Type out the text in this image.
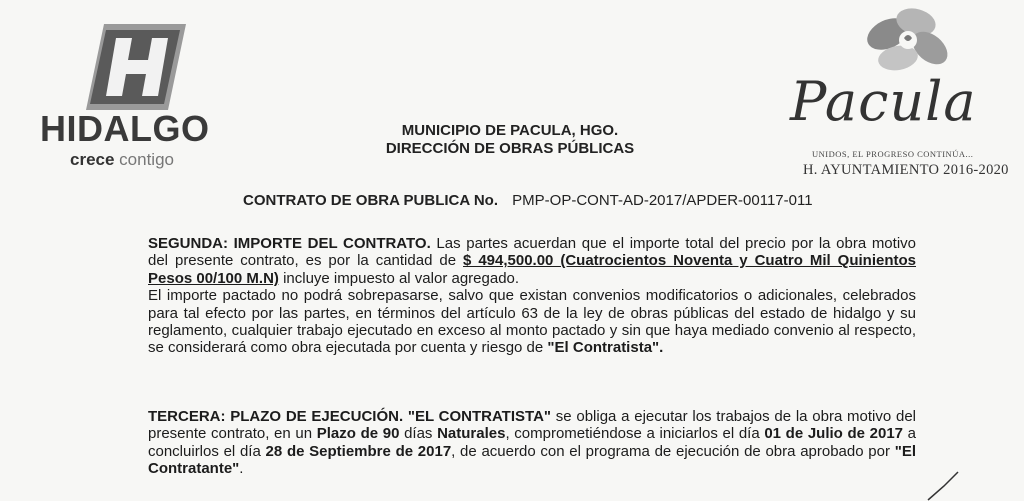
HIDALGO
crece contigo
MUNICIPIO DE PACULA, HGO.
DIRECCIÓN DE OBRAS PÚBLICAS
Pacula
UNIDOS, EL PROGRESO CONTINÚA...
H. AYUNTAMIENTO 2016-2020
CONTRATO DE OBRA PUBLICA No. PMP-OP-CONT-AD-2017/APDER-00117-011
SEGUNDA: IMPORTE DEL CONTRATO. Las partes acuerdan que el importe total del precio por la obra motivo del presente contrato, es por la cantidad de $ 494,500.00 (Cuatrocientos Noventa y Cuatro Mil Quinientos Pesos 00/100 M.N) incluye impuesto al valor agregado.
El importe pactado no podrá sobrepasarse, salvo que existan convenios modificatorios o adicionales, celebrados para tal efecto por las partes, en términos del artículo 63 de la ley de obras públicas del estado de hidalgo y su reglamento, cualquier trabajo ejecutado en exceso al monto pactado y sin que haya mediado convenio al respecto, se considerará como obra ejecutada por cuenta y riesgo de "El Contratista".
TERCERA: PLAZO DE EJECUCIÓN. "EL CONTRATISTA" se obliga a ejecutar los trabajos de la obra motivo del presente contrato, en un Plazo de 90 días Naturales, comprometiéndose a iniciarlos el día 01 de Julio de 2017 a concluirlos el día 28 de Septiembre de 2017, de acuerdo con el programa de ejecución de obra aprobado por "El Contratante".
